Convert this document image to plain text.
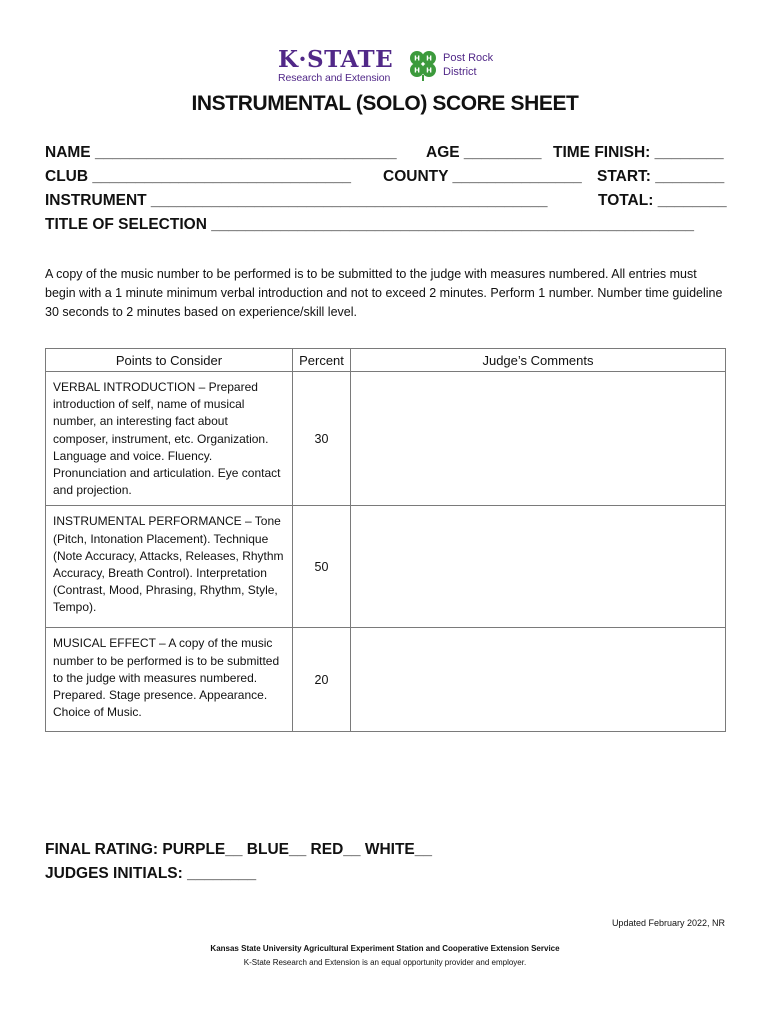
K·STATE
Research and Extension
H H
H H
Post Rock
District
INSTRUMENTAL (SOLO) SCORE SHEET
NAME ___________________________________ AGE _________ TIME FINISH: ________
CLUB ______________________________ COUNTY _______________ START: ________
INSTRUMENT ______________________________________________	TOTAL: ________
TITLE OF SELECTION ________________________________________________________
A copy of the music number to be performed is to be submitted to the judge with measures numbered. All entries must begin with a 1 minute minimum verbal introduction and not to exceed 2 minutes. Perform 1 number. Number time guideline 30 seconds to 2 minutes based on experience/skill level.
Points to Consider	Percent	Judge’s Comments
VERBAL INTRODUCTION – Prepared introduction of self, name of musical number, an interesting fact about composer, instrument, etc. Organization. Language and voice. Fluency. Pronunciation and articulation. Eye contact and projection.	30	
INSTRUMENTAL PERFORMANCE – Tone (Pitch, Intonation Placement). Technique (Note Accuracy, Attacks, Releases, Rhythm Accuracy, Breath Control). Interpretation (Contrast, Mood, Phrasing, Rhythm, Style, Tempo).	50	
MUSICAL EFFECT – A copy of the music number to be performed is to be submitted to the judge with measures numbered. Prepared. Stage presence. Appearance. Choice of Music.	20	
FINAL RATING: PURPLE__ BLUE__ RED__ WHITE__
JUDGES INITIALS: ________
Updated February 2022, NR
Kansas State University Agricultural Experiment Station and Cooperative Extension Service
K-State Research and Extension is an equal opportunity provider and employer.
